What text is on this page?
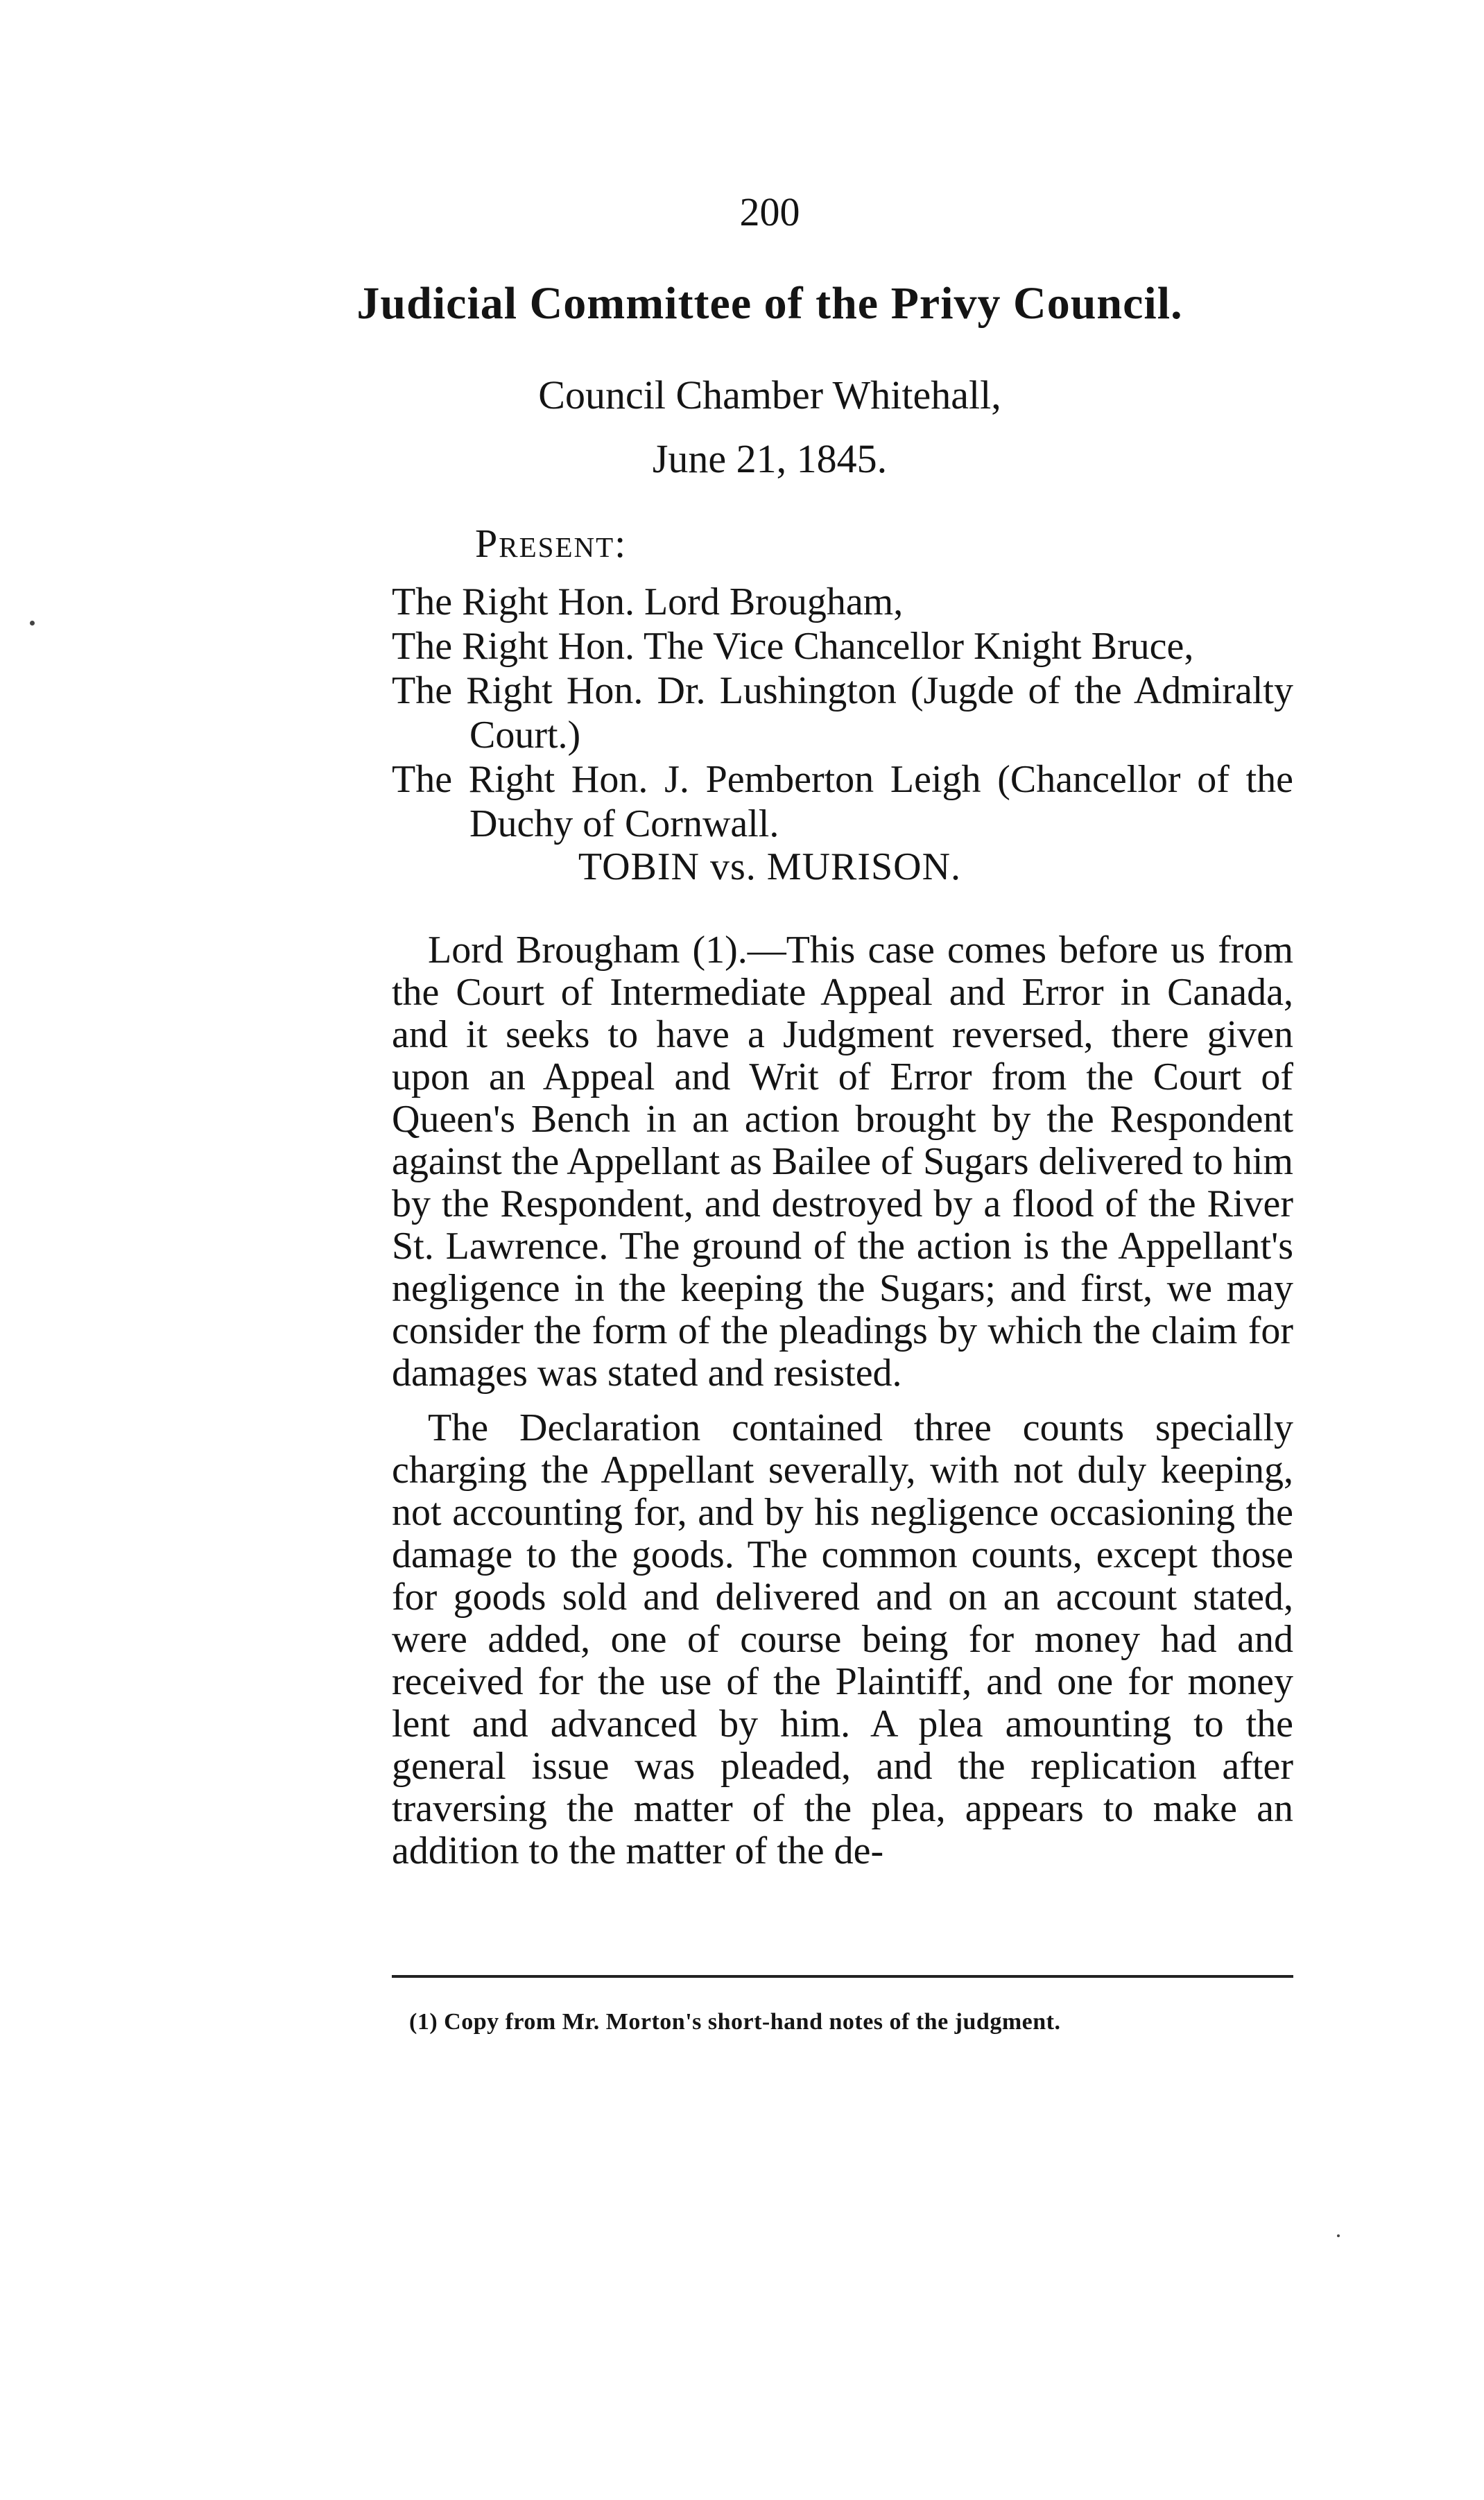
200
Judicial Committee of the Privy Council.
Council Chamber Whitehall,
June 21, 1845.
Present:
The Right Hon. Lord Brougham,
The Right Hon. The Vice Chancellor Knight Bruce,
The Right Hon. Dr. Lushington (Jugde of the Admiralty Court.)
The Right Hon. J. Pemberton Leigh (Chancellor of the Duchy of Cornwall.
TOBIN vs. MURISON.

Lord Brougham (1).—This case comes before us from the Court of Intermediate Appeal and Error in Canada, and it seeks to have a Judgment reversed, there given upon an Appeal and Writ of Error from the Court of Queen's Bench in an action brought by the Respondent against the Appellant as Bailee of Sugars delivered to him by the Respondent, and destroyed by a flood of the River St. Lawrence. The ground of the action is the Appellant's negligence in the keeping the Sugars; and first, we may consider the form of the pleadings by which the claim for damages was stated and resisted.

The Declaration contained three counts specially charging the Appellant severally, with not duly keeping, not accounting for, and by his negligence occasioning the damage to the goods. The common counts, except those for goods sold and delivered and on an account stated, were added, one of course being for money had and received for the use of the Plaintiff, and one for money lent and advanced by him. A plea amounting to the general issue was pleaded, and the replication after traversing the matter of the plea, appears to make an addition to the matter of the de-

(1) Copy from Mr. Morton's short-hand notes of the judgment.
